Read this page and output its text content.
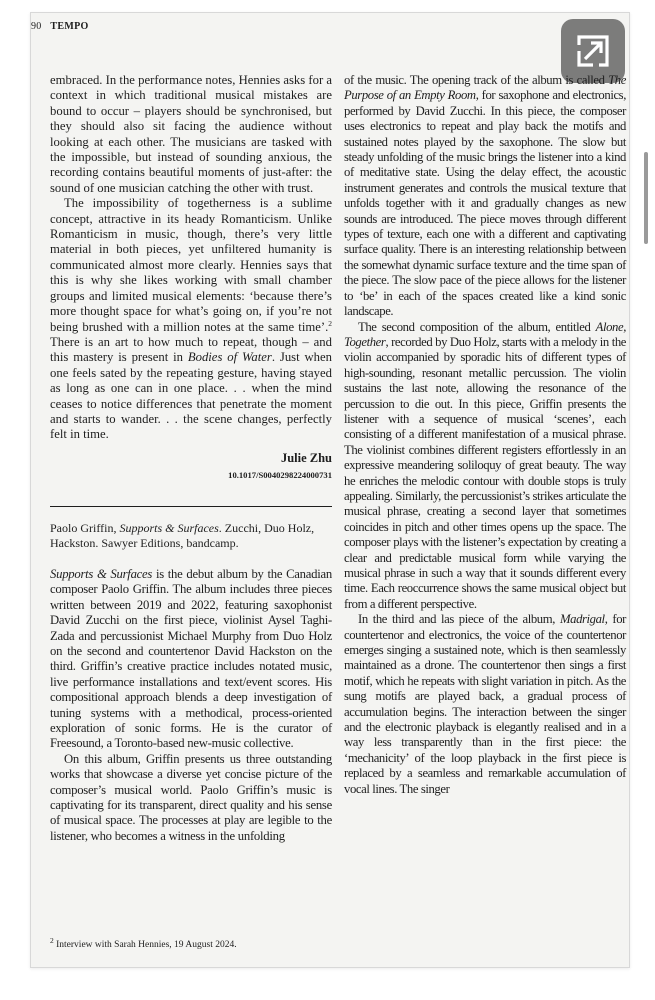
90 TEMPO

embraced. In the performance notes, Hennies asks for a context in which traditional musical mistakes are bound to occur – players should be synchronised, but they should also sit facing the audience without looking at each other. The musicians are tasked with the impossible, but instead of sounding anxious, the recording contains beautiful moments of just-after: the sound of one musician catching the other with trust.

The impossibility of togetherness is a sublime concept, attractive in its heady Romanticism. Unlike Romanticism in music, though, there’s very little material in both pieces, yet unfiltered humanity is communicated almost more clearly. Hennies says that this is why she likes working with small chamber groups and limited musical elements: ‘because there’s more thought space for what’s going on, if you’re not being brushed with a million notes at the same time’.$^2$ There is an art to how much to repeat, though – and this mastery is present in Bodies of Water. Just when one feels sated by the repeating gesture, having stayed as long as one can in one place. . . when the mind ceases to notice differences that penetrate the moment and starts to wander. . . the scene changes, perfectly felt in time.

Julie Zhu
10.1017/S0040298224000731
Paolo Griffin, Supports & Surfaces. Zucchi, Duo Holz, Hackston. Sawyer Editions, bandcamp.

Supports & Surfaces is the debut album by the Canadian composer Paolo Griffin. The album includes three pieces written between 2019 and 2022, featuring saxophonist David Zucchi on the first piece, violinist Aysel Taghi-Zada and percussionist Michael Murphy from Duo Holz on the second and countertenor David Hackston on the third. Griffin’s creative practice includes notated music, live performance installations and text/event scores. His compositional approach blends a deep investigation of tuning systems with a methodical, process-oriented exploration of sonic forms. He is the curator of Freesound, a Toronto-based new-music collective.

On this album, Griffin presents us three outstanding works that showcase a diverse yet concise picture of the composer’s musical world. Paolo Griffin’s music is captivating for its transparent, direct quality and his sense of musical space. The processes at play are legible to the listener, who becomes a witness in the unfolding

of the music. The opening track of the album is called The Purpose of an Empty Room, for saxophone and electronics, performed by David Zucchi. In this piece, the composer uses electronics to repeat and play back the motifs and sustained notes played by the saxophone. The slow but steady unfolding of the music brings the listener into a kind of meditative state. Using the delay effect, the acoustic instrument generates and controls the musical texture that unfolds together with it and gradually changes as new sounds are introduced. The piece moves through different types of texture, each one with a different and captivating surface quality. There is an interesting relationship between the somewhat dynamic surface texture and the time span of the piece. The slow pace of the piece allows for the listener to ‘be’ in each of the spaces created like a kind sonic landscape.

The second composition of the album, entitled Alone, Together, recorded by Duo Holz, starts with a melody in the violin accompanied by sporadic hits of different types of high-sounding, resonant metallic percussion. The violin sustains the last note, allowing the resonance of the percussion to die out. In this piece, Griffin presents the listener with a sequence of musical ‘scenes’, each consisting of a different manifestation of a musical phrase. The violinist combines different registers effortlessly in an expressive meandering soliloquy of great beauty. The way he enriches the melodic contour with double stops is truly appealing. Similarly, the percussionist’s strikes articulate the musical phrase, creating a second layer that sometimes coincides in pitch and other times opens up the space. The composer plays with the listener’s expectation by creating a clear and predictable musical form while varying the musical phrase in such a way that it sounds different every time. Each reoccurrence shows the same musical object but from a different perspective.

In the third and las piece of the album, Madrigal, for countertenor and electronics, the voice of the countertenor emerges singing a sustained note, which is then seamlessly maintained as a drone. The countertenor then sings a first motif, which he repeats with slight variation in pitch. As the sung motifs are played back, a gradual process of accumulation begins. The interaction between the singer and the electronic playback is elegantly realised and in a way less transparently than in the first piece: the ‘mechanicity’ of the loop playback in the first piece is replaced by a seamless and remarkable accumulation of vocal lines. The singer

$^2$ Interview with Sarah Hennies, 19 August 2024.
